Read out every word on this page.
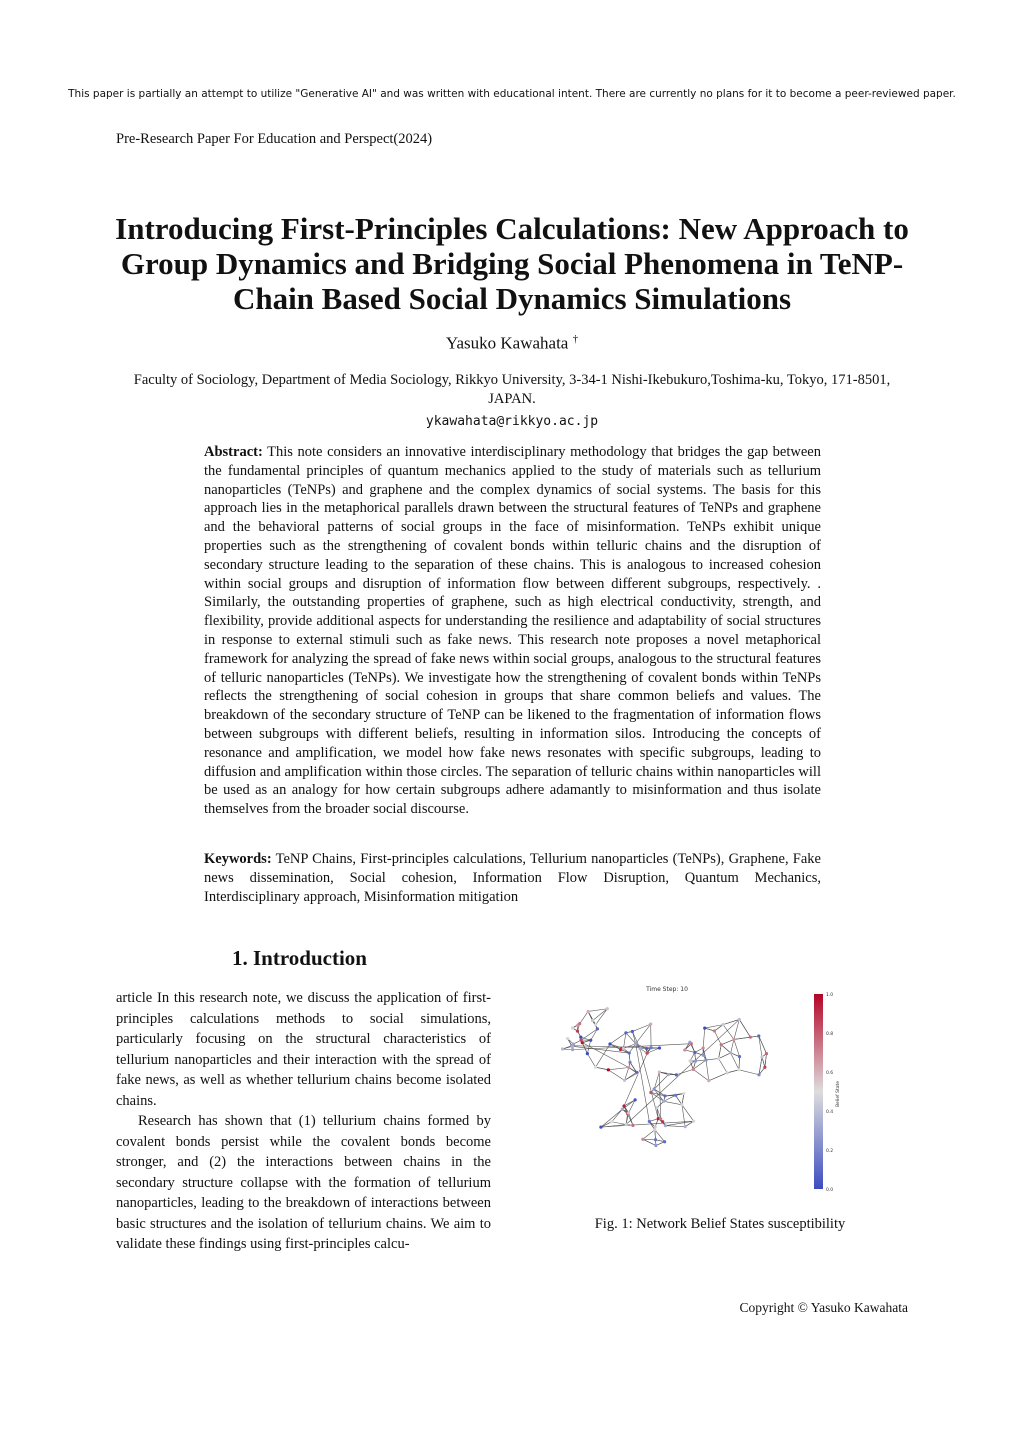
This paper is partially an attempt to utilize "Generative AI" and was written with educational intent. There are currently no plans for it to become a peer-reviewed paper.
Pre-Research Paper For Education and Perspect(2024)
Introducing First-Principles Calculations: New Approach to Group Dynamics and Bridging Social Phenomena in TeNP-Chain Based Social Dynamics Simulations
Yasuko Kawahata †
Faculty of Sociology, Department of Media Sociology, Rikkyo University, 3-34-1 Nishi-Ikebukuro,Toshima-ku, Tokyo, 171-8501, JAPAN.
ykawahata@rikkyo.ac.jp
Abstract: This note considers an innovative interdisciplinary methodology that bridges the gap between the fundamental principles of quantum mechanics applied to the study of materials such as tellurium nanoparticles (TeNPs) and graphene and the complex dynamics of social systems. The basis for this approach lies in the metaphorical parallels drawn between the structural features of TeNPs and graphene and the behavioral patterns of social groups in the face of misinformation. TeNPs exhibit unique properties such as the strengthening of covalent bonds within telluric chains and the disruption of secondary structure leading to the separation of these chains. This is analogous to increased cohesion within social groups and disruption of information flow between different subgroups, respectively. . Similarly, the outstanding properties of graphene, such as high electrical conductivity, strength, and flexibility, provide additional aspects for understanding the resilience and adaptability of social structures in response to external stimuli such as fake news. This research note proposes a novel metaphorical framework for analyzing the spread of fake news within social groups, analogous to the structural features of telluric nanoparticles (TeNPs). We investigate how the strengthening of covalent bonds within TeNPs reflects the strengthening of social cohesion in groups that share common beliefs and values. The breakdown of the secondary structure of TeNP can be likened to the fragmentation of information flows between subgroups with different beliefs, resulting in information silos. Introducing the concepts of resonance and amplification, we model how fake news resonates with specific subgroups, leading to diffusion and amplification within those circles. The separation of telluric chains within nanoparticles will be used as an analogy for how certain subgroups adhere adamantly to misinformation and thus isolate themselves from the broader social discourse.
Keywords: TeNP Chains, First-principles calculations, Tellurium nanoparticles (TeNPs), Graphene, Fake news dissemination, Social cohesion, Information Flow Disruption, Quantum Mechanics, Interdisciplinary approach, Misinformation mitigation
1. Introduction

article In this research note, we discuss the application of first-principles calculations methods to social simulations, particularly focusing on the structural characteristics of tellurium nanoparticles and their interaction with the spread of fake news, as well as whether tellurium chains become isolated chains.

Research has shown that (1) tellurium chains formed by covalent bonds persist while the covalent bonds become stronger, and (2) the interactions between chains in the secondary structure collapse with the formation of tellurium nanoparticles, leading to the breakdown of interactions between basic structures and the isolation of tellurium chains. We aim to validate these findings using first-principles calcu-

Time Step: 10
1.0
0.8
0.6
0.4
0.2
0.0
Belief State
Fig. 1: Network Belief States susceptibility
Copyright © Yasuko Kawahata
